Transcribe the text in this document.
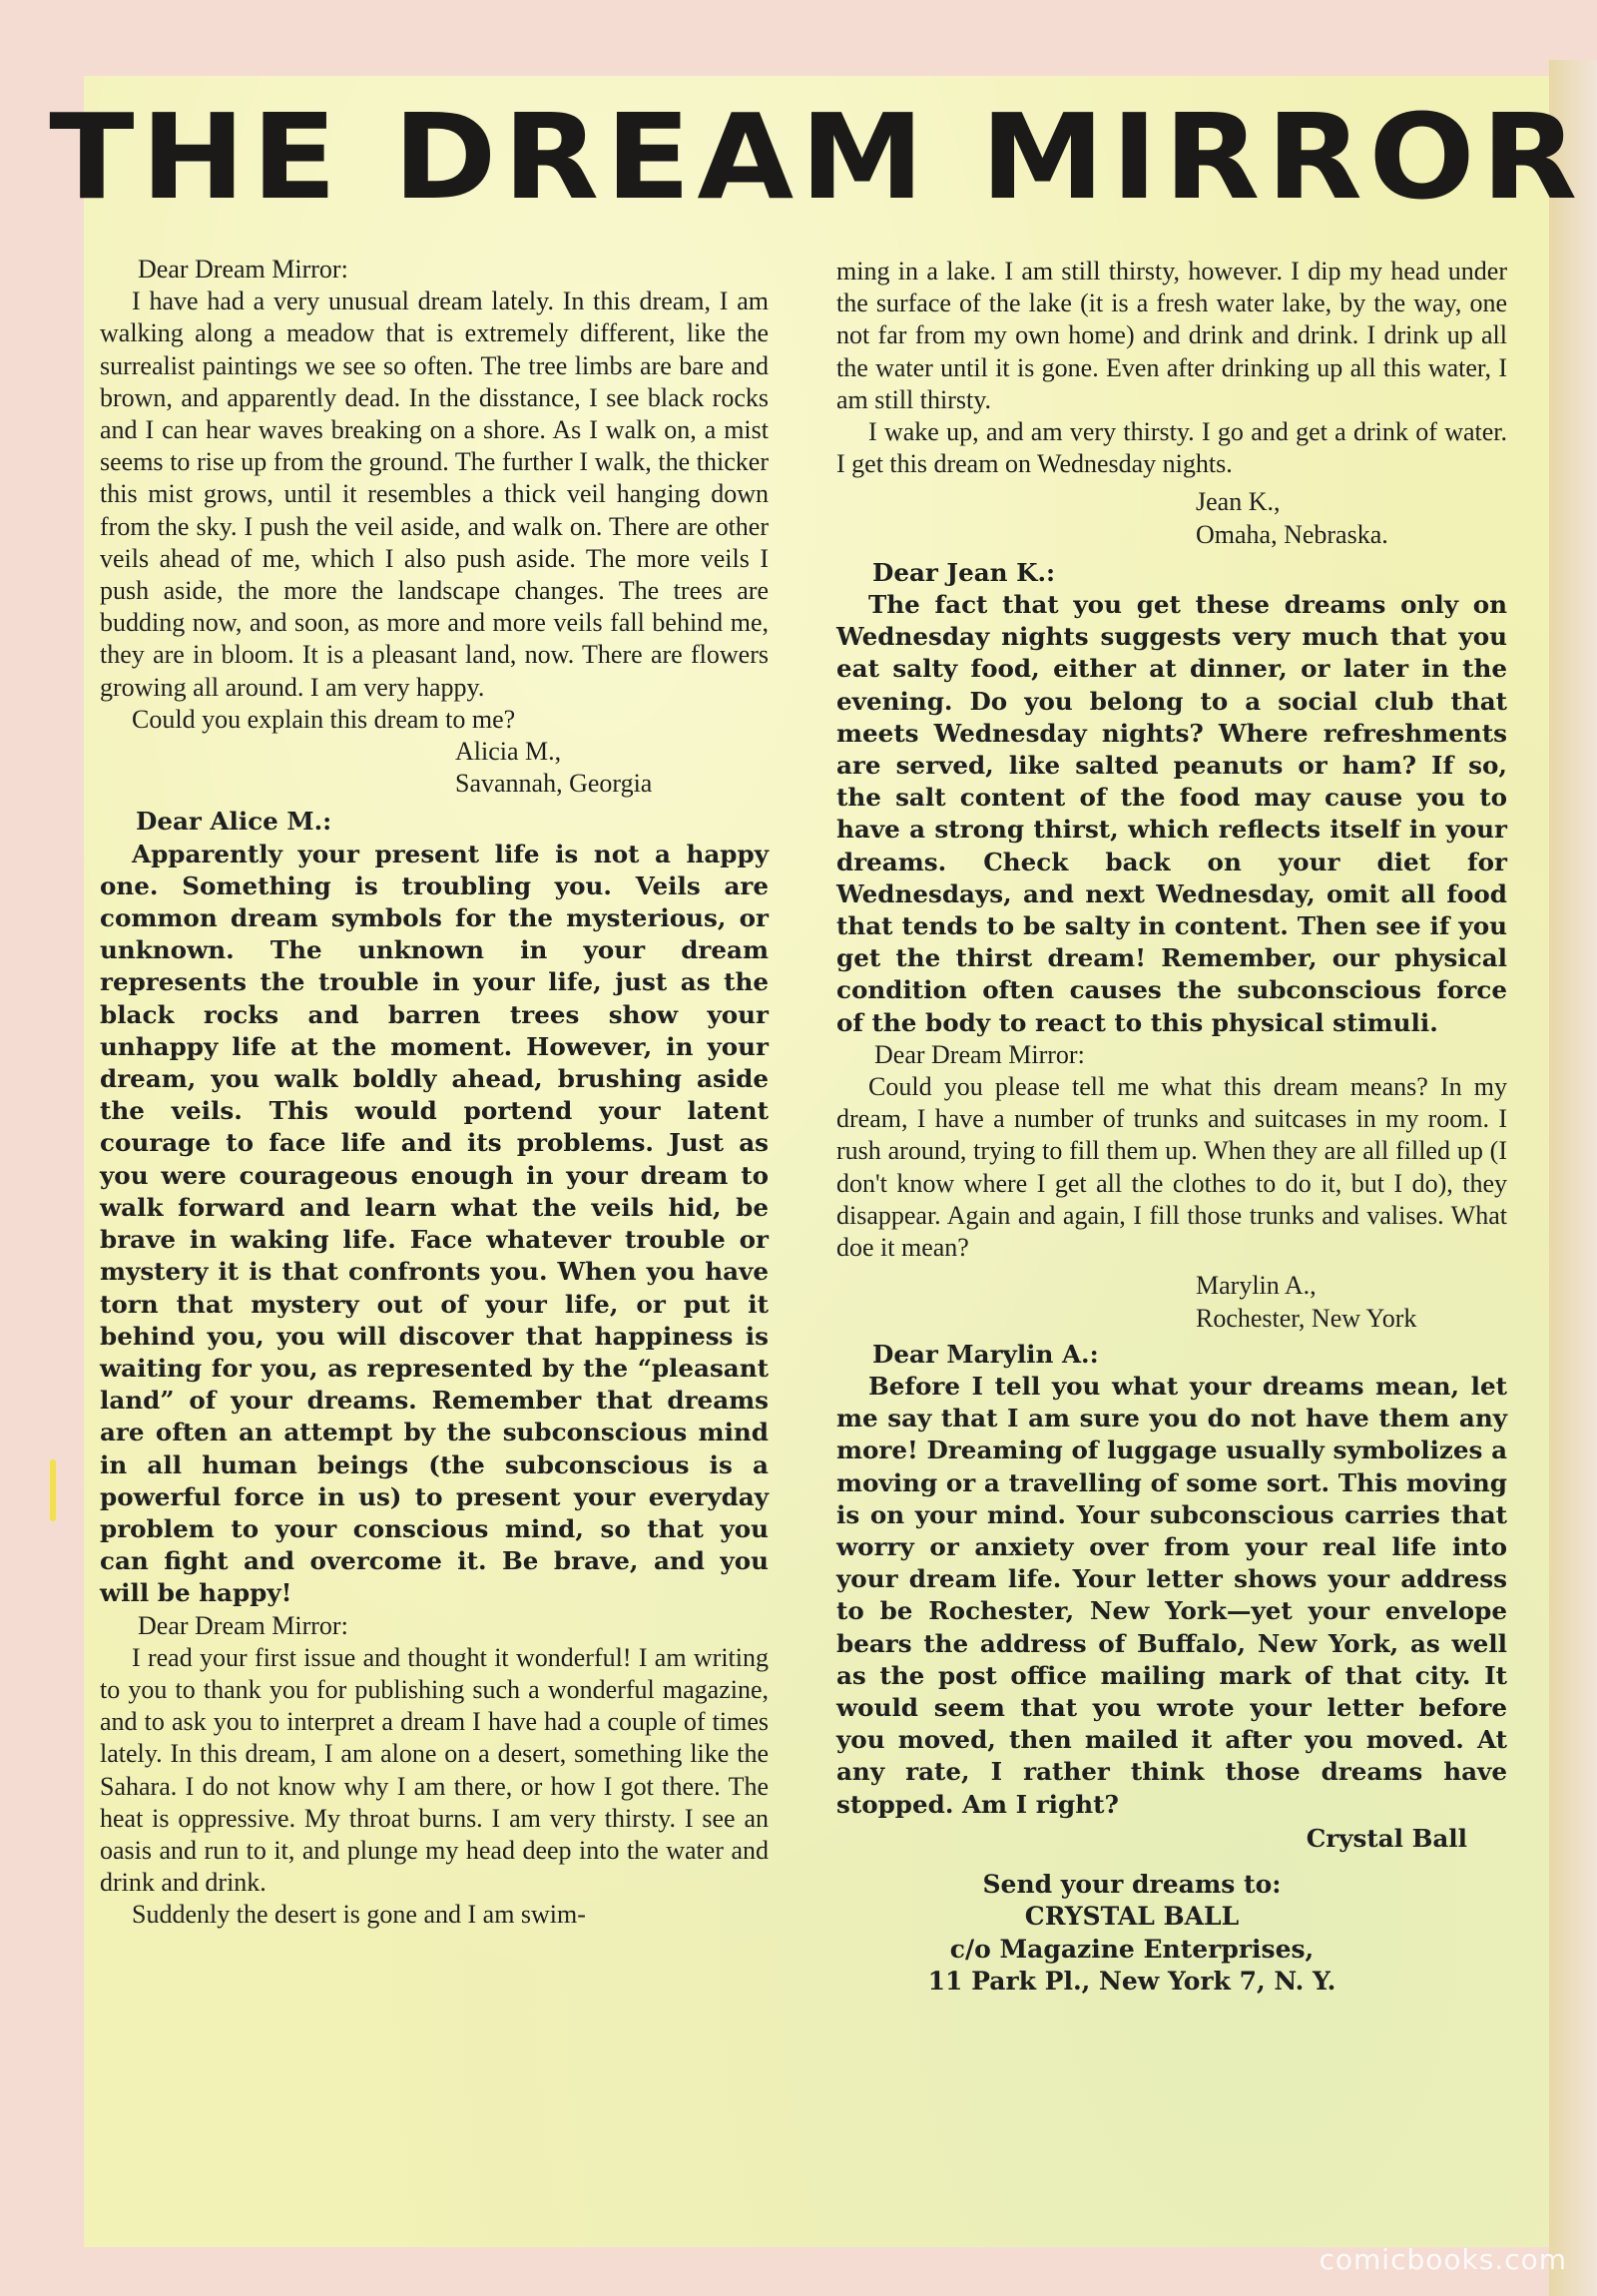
THE DREAM MIRROR

Dear Dream Mirror:

I have had a very unusual dream lately. In this dream, I am walking along a meadow that is extremely different, like the surrealist paintings we see so often. The tree limbs are bare and brown, and apparently dead. In the disstance, I see black rocks and I can hear waves breaking on a shore. As I walk on, a mist seems to rise up from the ground. The further I walk, the thicker this mist grows, until it resembles a thick veil hanging down from the sky. I push the veil aside, and walk on. There are other veils ahead of me, which I also push aside. The more veils I push aside, the more the landscape changes. The trees are budding now, and soon, as more and more veils fall behind me, they are in bloom. It is a pleasant land, now. There are flowers growing all around. I am very happy.

Could you explain this dream to me?

Alicia M.,

Savannah, Georgia

Dear Alice M.:

Apparently your present life is not a happy one. Something is troubling you. Veils are common dream symbols for the mysterious, or unknown. The unknown in your dream represents the trouble in your life, just as the black rocks and barren trees show your unhappy life at the moment. However, in your dream, you walk boldly ahead, brushing aside the veils. This would portend your latent courage to face life and its problems. Just as you were courageous enough in your dream to walk forward and learn what the veils hid, be brave in waking life. Face whatever trouble or mystery it is that confronts you. When you have torn that mystery out of your life, or put it behind you, you will discover that happiness is waiting for you, as represented by the “pleasant land” of your dreams. Remember that dreams are often an attempt by the subconscious mind in all human beings (the subconscious is a powerful force in us) to present your everyday problem to your conscious mind, so that you can fight and overcome it. Be brave, and you will be happy!

Dear Dream Mirror:

I read your first issue and thought it wonderful! I am writing to you to thank you for publishing such a wonderful magazine, and to ask you to interpret a dream I have had a couple of times lately. In this dream, I am alone on a desert, something like the Sahara. I do not know why I am there, or how I got there. The heat is oppressive. My throat burns. I am very thirsty. I see an oasis and run to it, and plunge my head deep into the water and drink and drink.

Suddenly the desert is gone and I am swim-

ming in a lake. I am still thirsty, however. I dip my head under the surface of the lake (it is a fresh water lake, by the way, one not far from my own home) and drink and drink. I drink up all the water until it is gone. Even after drinking up all this water, I am still thirsty.

I wake up, and am very thirsty. I go and get a drink of water. I get this dream on Wednesday nights.

Jean K.,

Omaha, Nebraska.

Dear Jean K.:

The fact that you get these dreams only on Wednesday nights suggests very much that you eat salty food, either at dinner, or later in the evening. Do you belong to a social club that meets Wednesday nights? Where refreshments are served, like salted peanuts or ham? If so, the salt content of the food may cause you to have a strong thirst, which reflects itself in your dreams. Check back on your diet for Wednesdays, and next Wednesday, omit all food that tends to be salty in content. Then see if you get the thirst dream! Remember, our physical condition often causes the subconscious force of the body to react to this physical stimuli.

Dear Dream Mirror:

Could you please tell me what this dream means? In my dream, I have a number of trunks and suitcases in my room. I rush around, trying to fill them up. When they are all filled up (I don't know where I get all the clothes to do it, but I do), they disappear. Again and again, I fill those trunks and valises. What doe it mean?

Marylin A.,

Rochester, New York

Dear Marylin A.:

Before I tell you what your dreams mean, let me say that I am sure you do not have them any more! Dreaming of luggage usually symbolizes a moving or a travelling of some sort. This moving is on your mind. Your subconscious carries that worry or anxiety over from your real life into your dream life. Your letter shows your address to be Rochester, New York—yet your envelope bears the address of Buffalo, New York, as well as the post office mailing mark of that city. It would seem that you wrote your letter before you moved, then mailed it after you moved. At any rate, I rather think those dreams have stopped. Am I right?

Crystal Ball

Send your dreams to:
CRYSTAL BALL
c/o Magazine Enterprises,
11 Park Pl., New York 7, N. Y.
comicbooks.com
